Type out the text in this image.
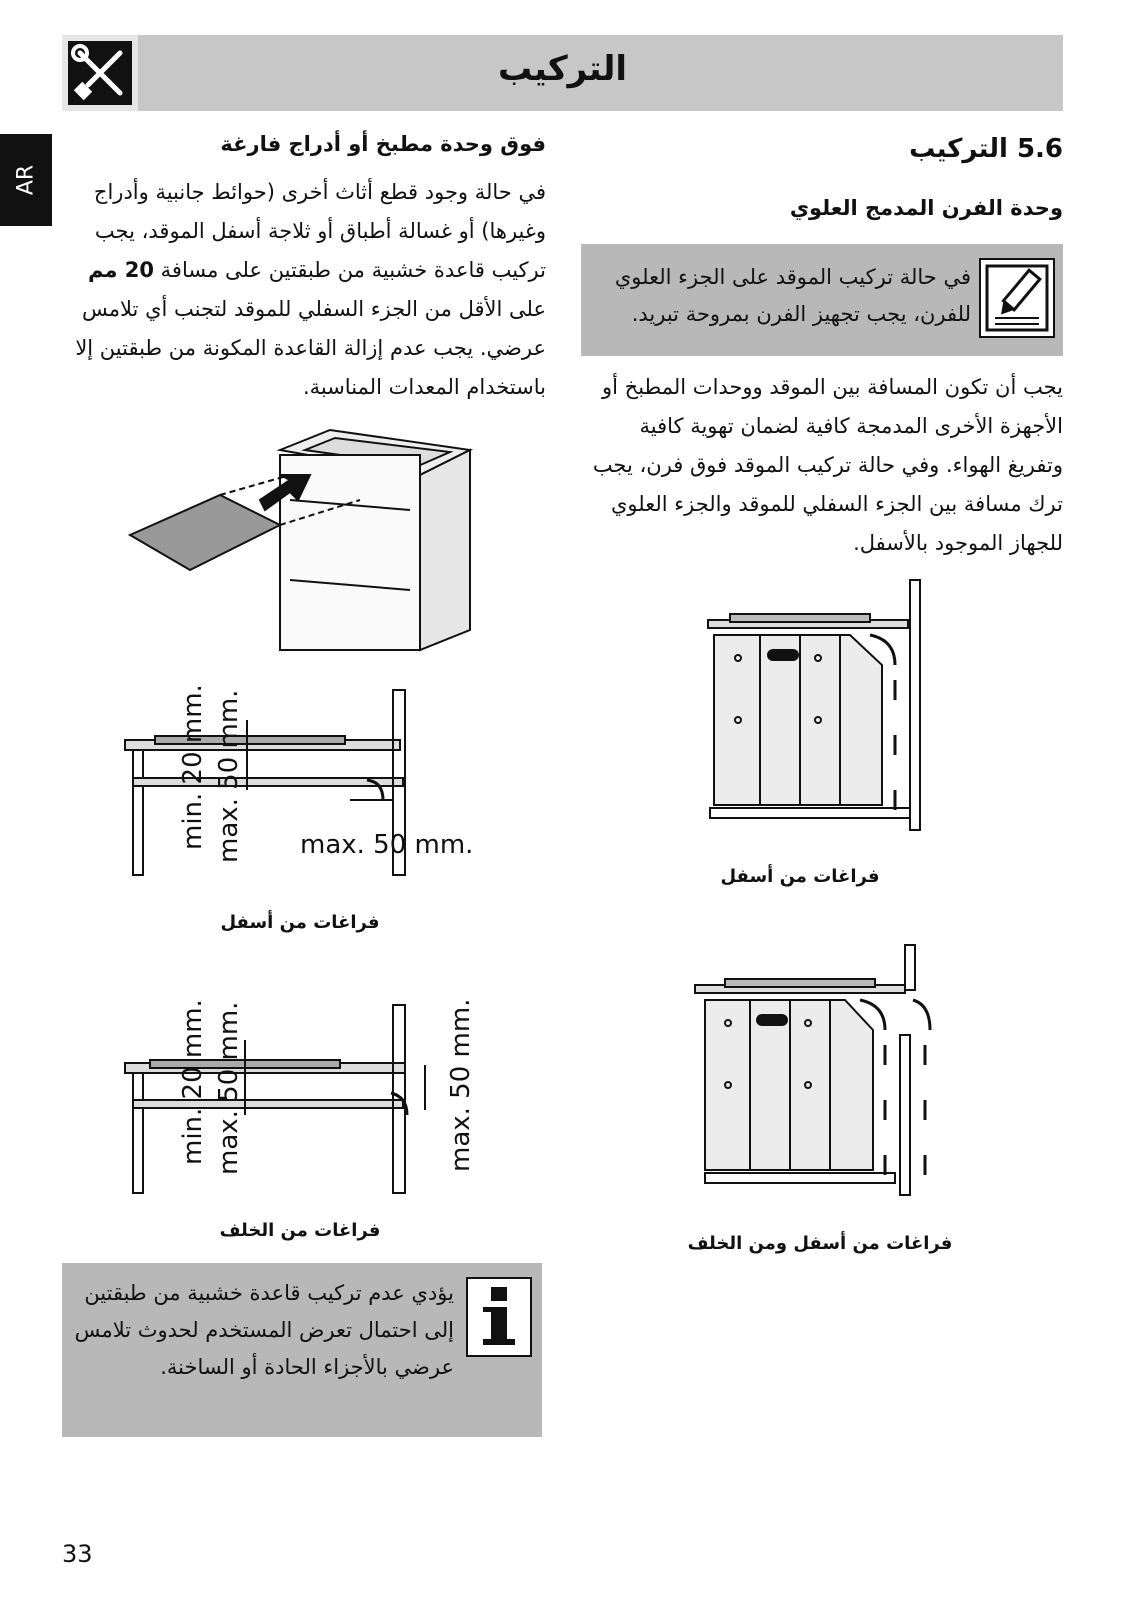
التركيب
AR
5.6 التركيب
وحدة الفرن المدمج العلوي
في حالة تركيب الموقد على الجزء العلوي للفرن، يجب تجهيز الفرن بمروحة تبريد.
يجب أن تكون المسافة بين الموقد ووحدات المطبخ أو الأجهزة الأخرى المدمجة كافية لضمان تهوية كافية وتفريغ الهواء. وفي حالة تركيب الموقد فوق فرن، يجب ترك مسافة بين الجزء السفلي للموقد والجزء العلوي للجهاز الموجود بالأسفل.
فراغات من أسفل
فراغات من أسفل ومن الخلف
فوق وحدة مطبخ أو أدراج فارغة
في حالة وجود قطع أثاث أخرى (حوائط جانبية وأدراج وغيرها) أو غسالة أطباق أو ثلاجة أسفل الموقد، يجب تركيب قاعدة خشبية من طبقتين على مسافة 20 مم على الأقل من الجزء السفلي للموقد لتجنب أي تلامس عرضي. يجب عدم إزالة القاعدة المكونة من طبقتين إلا باستخدام المعدات المناسبة.
min. 20 mm. max. 50 mm. max. 50 mm.
فراغات من أسفل
min. 20 mm. max. 50 mm.	max. 50 mm.
فراغات من الخلف
يؤدي عدم تركيب قاعدة خشبية من طبقتين إلى احتمال تعرض المستخدم لحدوث تلامس عرضي بالأجزاء الحادة أو الساخنة.
33
